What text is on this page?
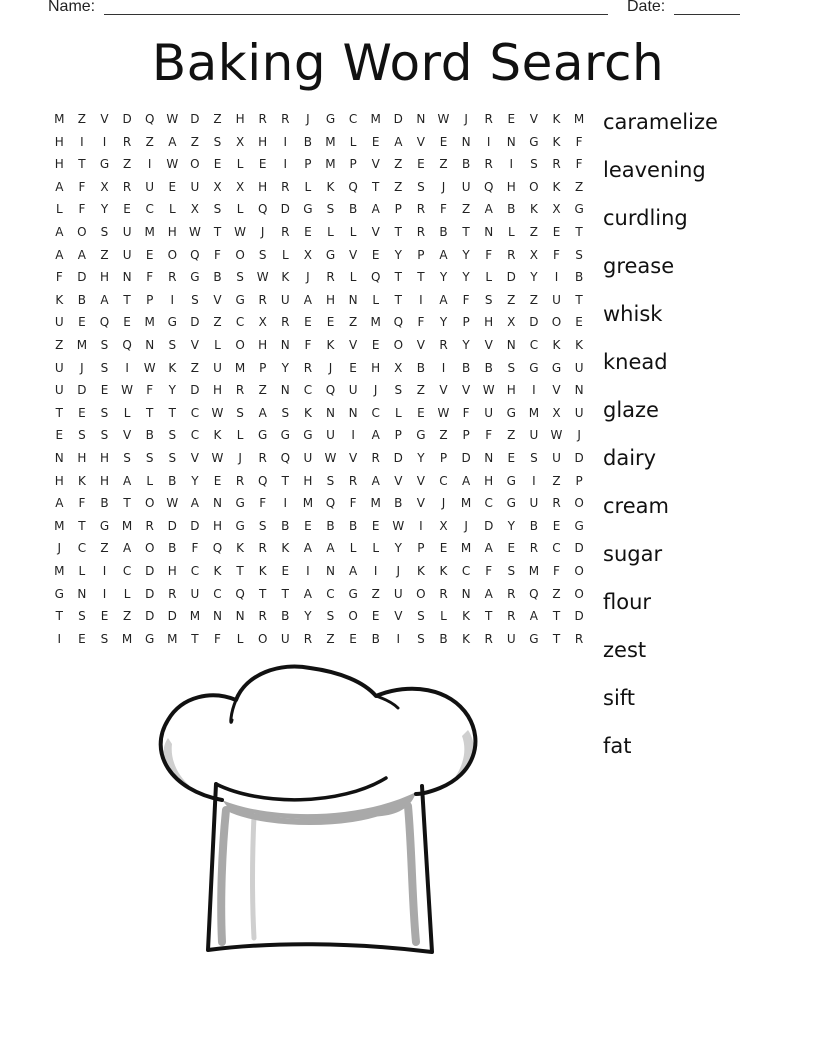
Name:	Date:
Baking Word Search
M	Z	V	D	Q W	D	Z	H	R	R	J	G	C	M	D	N	W	J	R	E	V	K	M
H	I	I	R	Z	A	Z	S	X	H	I	B	M	L	E	A	V	E	N	I	N	G	K	F
H	T	G	Z	I	W O	E	L	E	I	P	M	P	V	Z	E	Z	B	R	I	S	R	F
A	F	X	R	U	E	U	X	X	H	R	L	K	Q	T	Z	S	J	U	Q	H	O	K	Z
L	F	Y	E	C	L	X	S	L	Q	D	G	S	B	A	P	R	F	Z	A	B	K	X	G
A	O	S	U	M	H	W	T	W	J	R	E	L	L	V	T	R	B	T	N	L	Z	E	T
A	A	Z	U	E	O	Q	F	O	S	L	X	G	V	E	Y	P	A	Y	F	R	X	F	S
F	D	H	N	F	R	G	B	S	W	K	J	R	L	Q	T	T	Y	Y	L	D	Y	I	B
K	B	A	T	P	I	S	V	G	R	U	A	H	N	L	T	I	A	F	S	Z	Z	U	T
U	E	Q	E	M	G	D	Z	C	X	R	E	E	Z	M	Q	F	Y	P	H	X	D	O	E
Z	M	S	Q	N	S	V	L	O	H	N	F	K	V	E	O	V	R	Y	V	N	C	K	K
U	J	S	I	W	K	Z	U	M	P	Y	R	J	E	H	X	B	I	B	B	S	G	G	U
U	D	E	W	F	Y	D	H	R	Z	N	C	Q	U	J	S	Z	V	V	W	H	I	V	N
T	E	S	L	T	T	C	W	S	A	S	K	N	N	C	L	E	W	F	U	G	M	X	U
E	S	S	V	B	S	C	K	L	G	G	G	U	I	A	P	G	Z	P	F	Z	U	W	J
N	H	H	S	S	S	V	W	J	R	Q	U	W	V	R	D	Y	P	D	N	E	S	U	D
H	K	H	A	L	B	Y	E	R	Q	T	H	S	R	A	V	V	C	A	H	G	I	Z	P
A	F	B	T	O W	A	N	G	F	I	M	Q	F	M	B	V	J	M	C	G	U	R	O
M	T	G	M	R	D	D	H	G	S	B	E	B	B	E	W	I	X	J	D	Y	B	E	G
J	C	Z	A	O	B	F	Q	K	R	K	A	A	L	L	Y	P	E	M	A	E	R	C	D
M	L	I	C	D	H	C	K	T	K	E	I	N	A	I	J	K	K	C	F	S	M	F	O
G	N	I	L	D	R	U	C	Q	T	T	A	C	G	Z	U	O	R	N	A	R	Q	Z	O
T	S	E	Z	D	D	M	N	N	R	B	Y	S	O	E	V	S	L	K	T	R	A	T	D
I	E	S	M	G	M	T	F	L	O	U	R	Z	E	B	I	S	B	K	R	U	G	T	R
caramelize
leavening
curdling
grease
whisk
knead
glaze
dairy
cream
sugar
flour
zest
sift
fat
